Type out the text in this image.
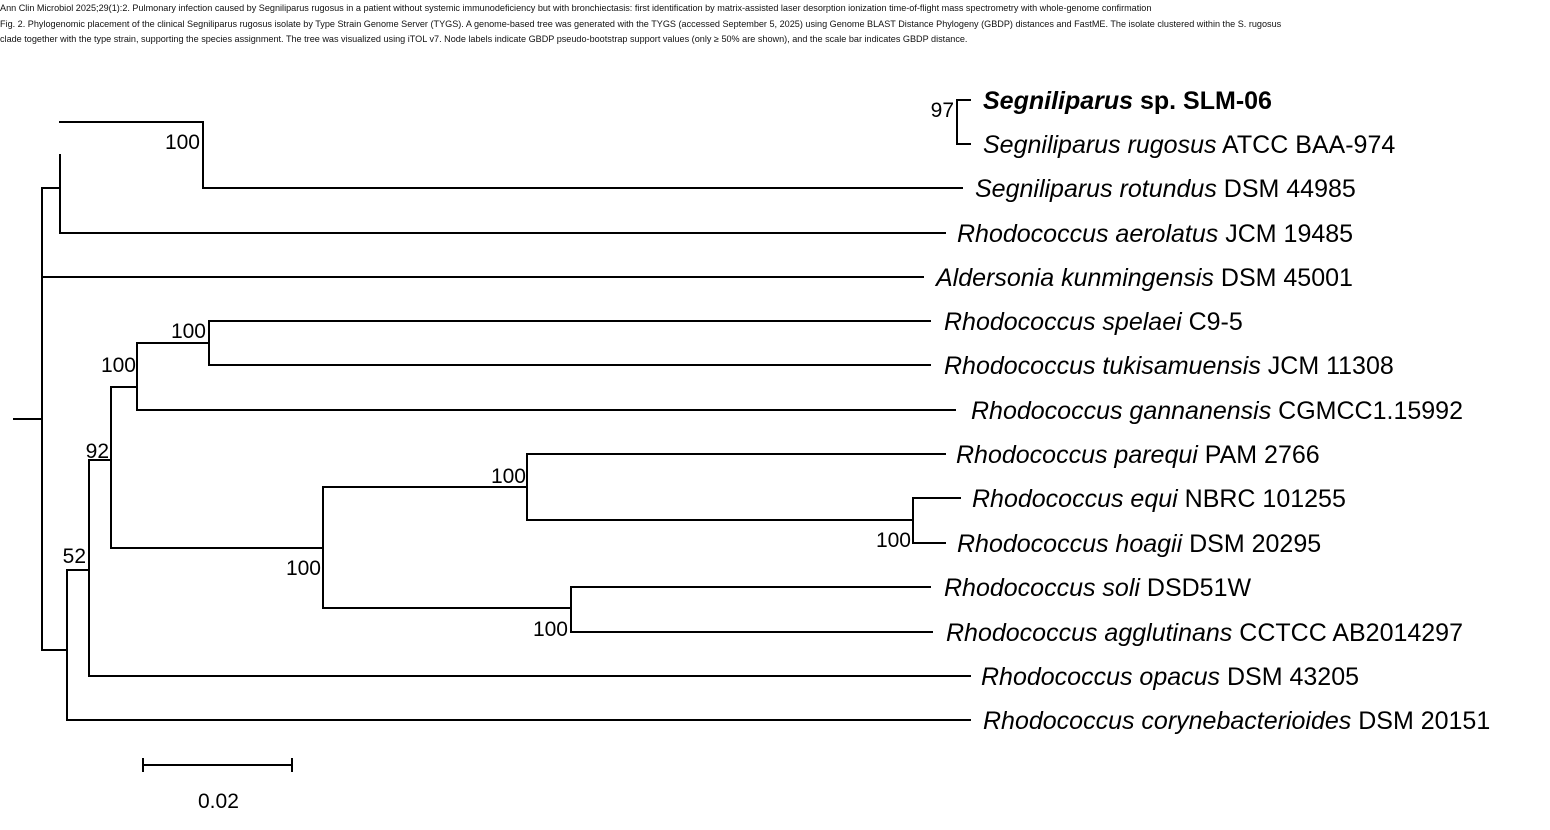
Ann Clin Microbiol 2025;29(1):2. Pulmonary infection caused by Segniliparus rugosus in a patient without systemic immunodeficiency but with bronchiectasis: first identification by matrix-assisted laser desorption ionization time-of-flight mass spectrometry with whole-genome confirmation
Fig. 2. Phylogenomic placement of the clinical Segniliparus rugosus isolate by Type Strain Genome Server (TYGS). A genome-based tree was generated with the TYGS (accessed September 5, 2025) using Genome BLAST Distance Phylogeny (GBDP) distances and FastME. The isolate clustered within the S. rugosus
clade together with the type strain, supporting the species assignment. The tree was visualized using iTOL v7. Node labels indicate GBDP pseudo-bootstrap support values (only ≥ 50% are shown), and the scale bar indicates GBDP distance.
97
100
100
100
100
92
100
100
100
52
Segniliparus sp. SLM-06
Segniliparus rugosus ATCC BAA-974
Segniliparus rotundus DSM 44985
Rhodococcus aerolatus JCM 19485
Aldersonia kunmingensis DSM 45001
Rhodococcus spelaei C9-5
Rhodococcus tukisamuensis JCM 11308
Rhodococcus gannanensis CGMCC1.15992
Rhodococcus parequi PAM 2766
Rhodococcus equi NBRC 101255
Rhodococcus hoagii DSM 20295
Rhodococcus soli DSD51W
Rhodococcus agglutinans CCTCC AB2014297
Rhodococcus opacus DSM 43205
Rhodococcus corynebacterioides DSM 20151
0.02
